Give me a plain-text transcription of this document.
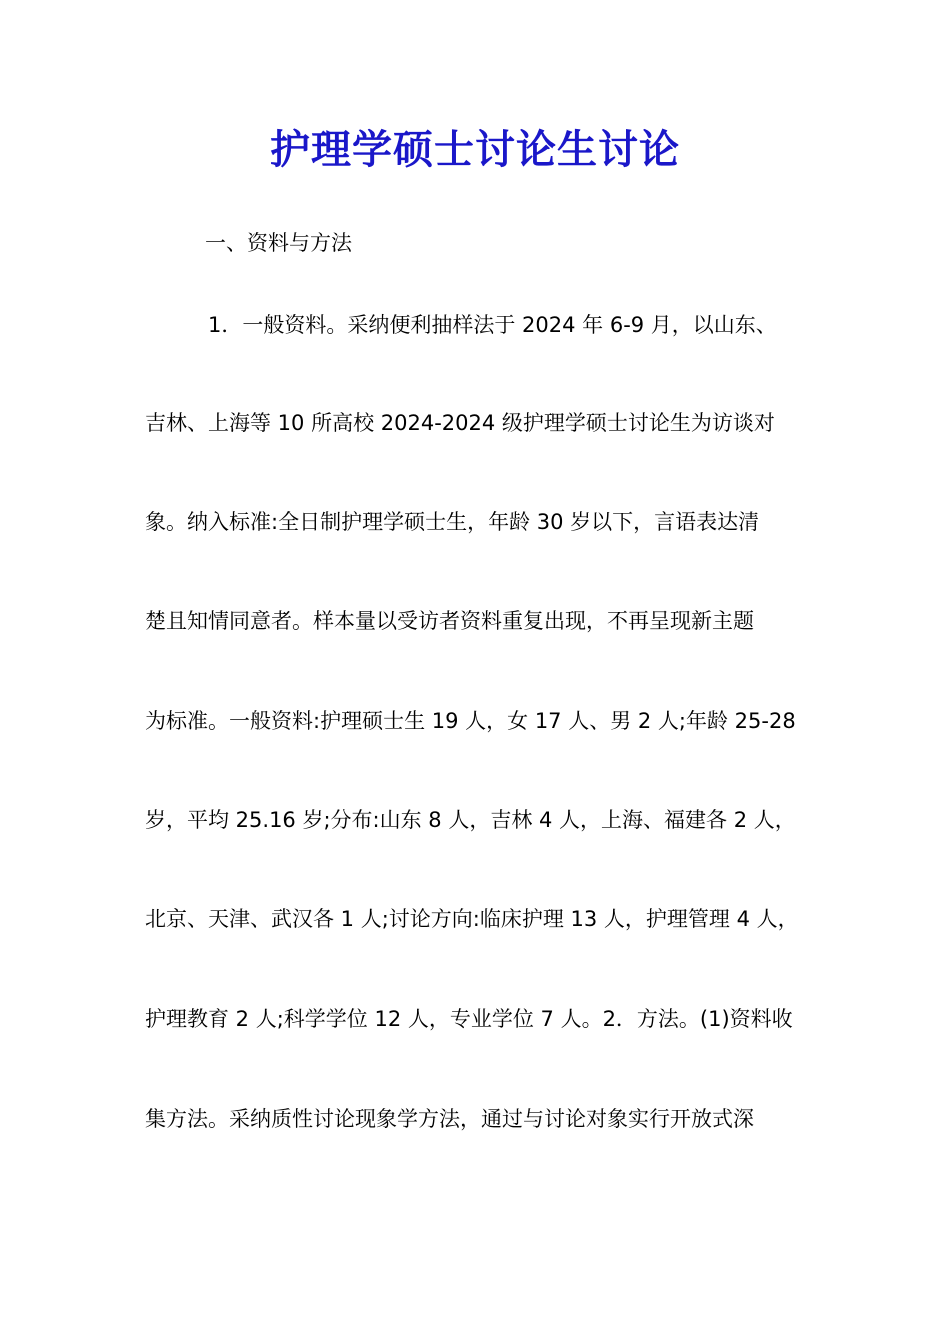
护理学硕士讨论生讨论
一、资料与方法
1．一般资料。采纳便利抽样法于 2024 年 6-9 月，以山东、
吉林、上海等 10 所高校 2024-2024 级护理学硕士讨论生为访谈对
象。纳入标准:全日制护理学硕士生，年龄 30 岁以下，言语表达清
楚且知情同意者。样本量以受访者资料重复出现，不再呈现新主题
为标准。一般资料:护理硕士生 19 人，女 17 人、男 2 人;年龄 25-28
岁，平均 25.16 岁;分布:山东 8 人，吉林 4 人，上海、福建各 2 人，
北京、天津、武汉各 1 人;讨论方向:临床护理 13 人，护理管理 4 人，
护理教育 2 人;科学学位 12 人，专业学位 7 人。2．方法。(1)资料收
集方法。采纳质性讨论现象学方法，通过与讨论对象实行开放式深
